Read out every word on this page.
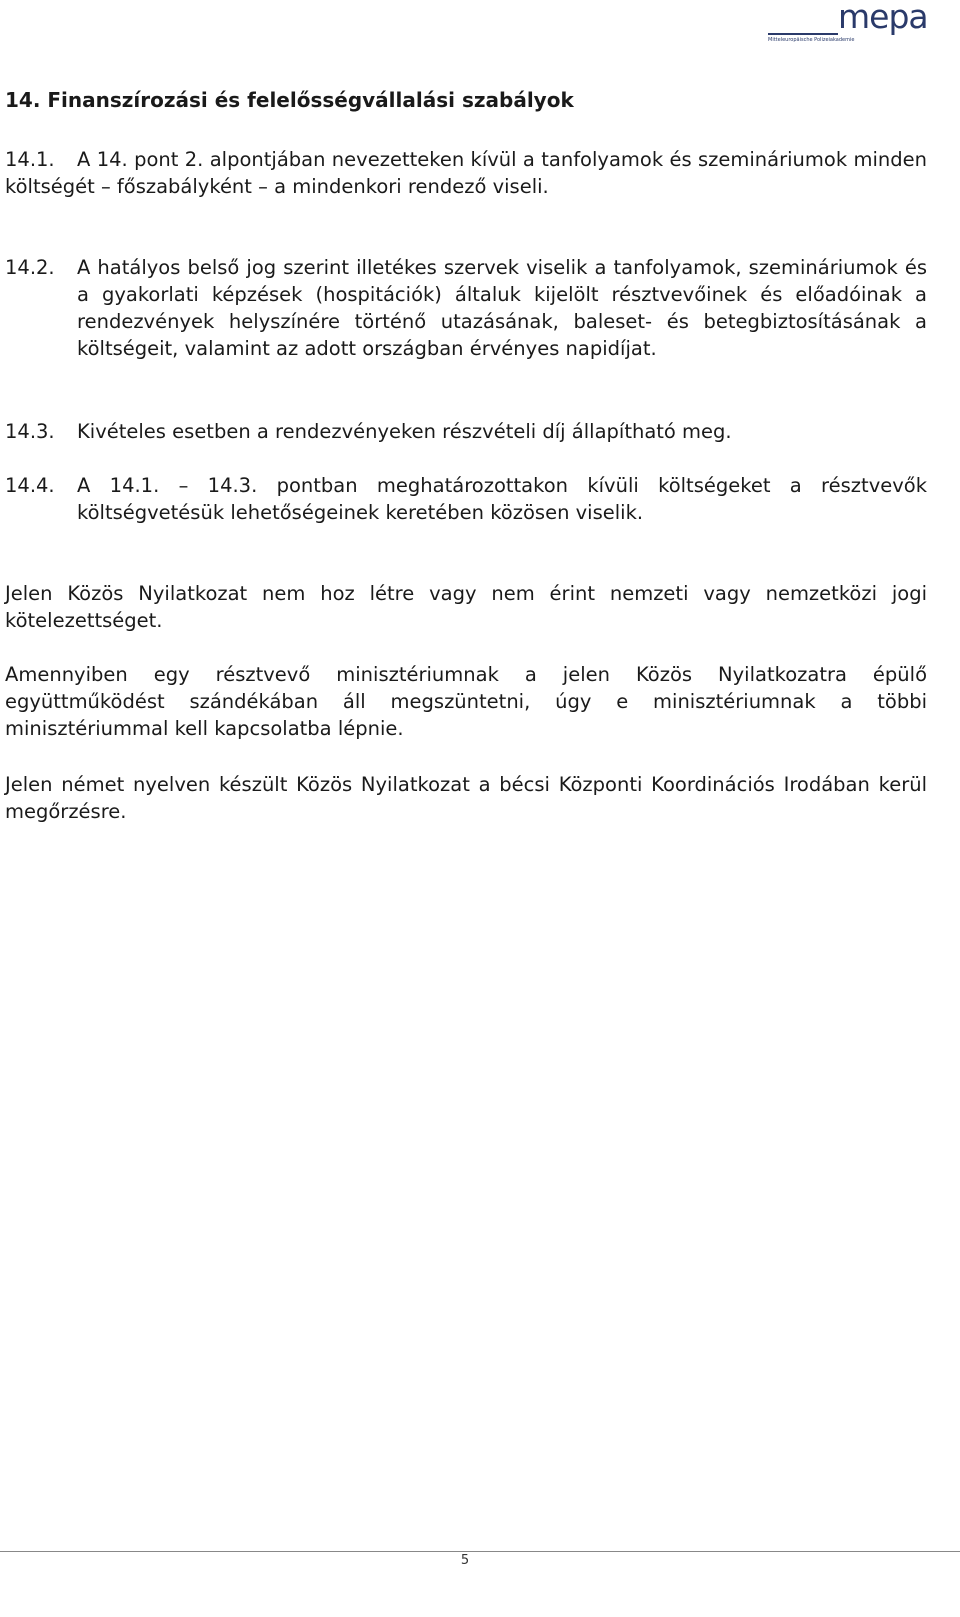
mepa
Mitteleuropäische Polizeiakademie
14. Finanszírozási és felelősségvállalási szabályok

14.1. A 14. pont 2. alpontjában nevezetteken kívül a tanfolyamok és szemináriumok minden költségét – főszabályként – a mindenkori rendező viseli.

14.2. A hatályos belső jog szerint illetékes szervek viselik a tanfolyamok, szemináriumok és a gyakorlati képzések (hospitációk) általuk kijelölt résztvevőinek és előadóinak a rendezvények helyszínére történő utazásának, baleset- és betegbiztosításának a költségeit, valamint az adott országban érvényes napidíjat.

14.3. Kivételes esetben a rendezvényeken részvételi díj állapítható meg.

14.4. A 14.1. – 14.3. pontban meghatározottakon kívüli költségeket a résztvevők költségvetésük lehetőségeinek keretében közösen viselik.

Jelen Közös Nyilatkozat nem hoz létre vagy nem érint nemzeti vagy nemzetközi jogi kötelezettséget.

Amennyiben egy résztvevő minisztériumnak a jelen Közös Nyilatkozatra épülő együttműködést szándékában áll megszüntetni, úgy e minisztériumnak a többi minisztériummal kell kapcsolatba lépnie.

Jelen német nyelven készült Közös Nyilatkozat a bécsi Központi Koordinációs Irodában kerül megőrzésre.

5
